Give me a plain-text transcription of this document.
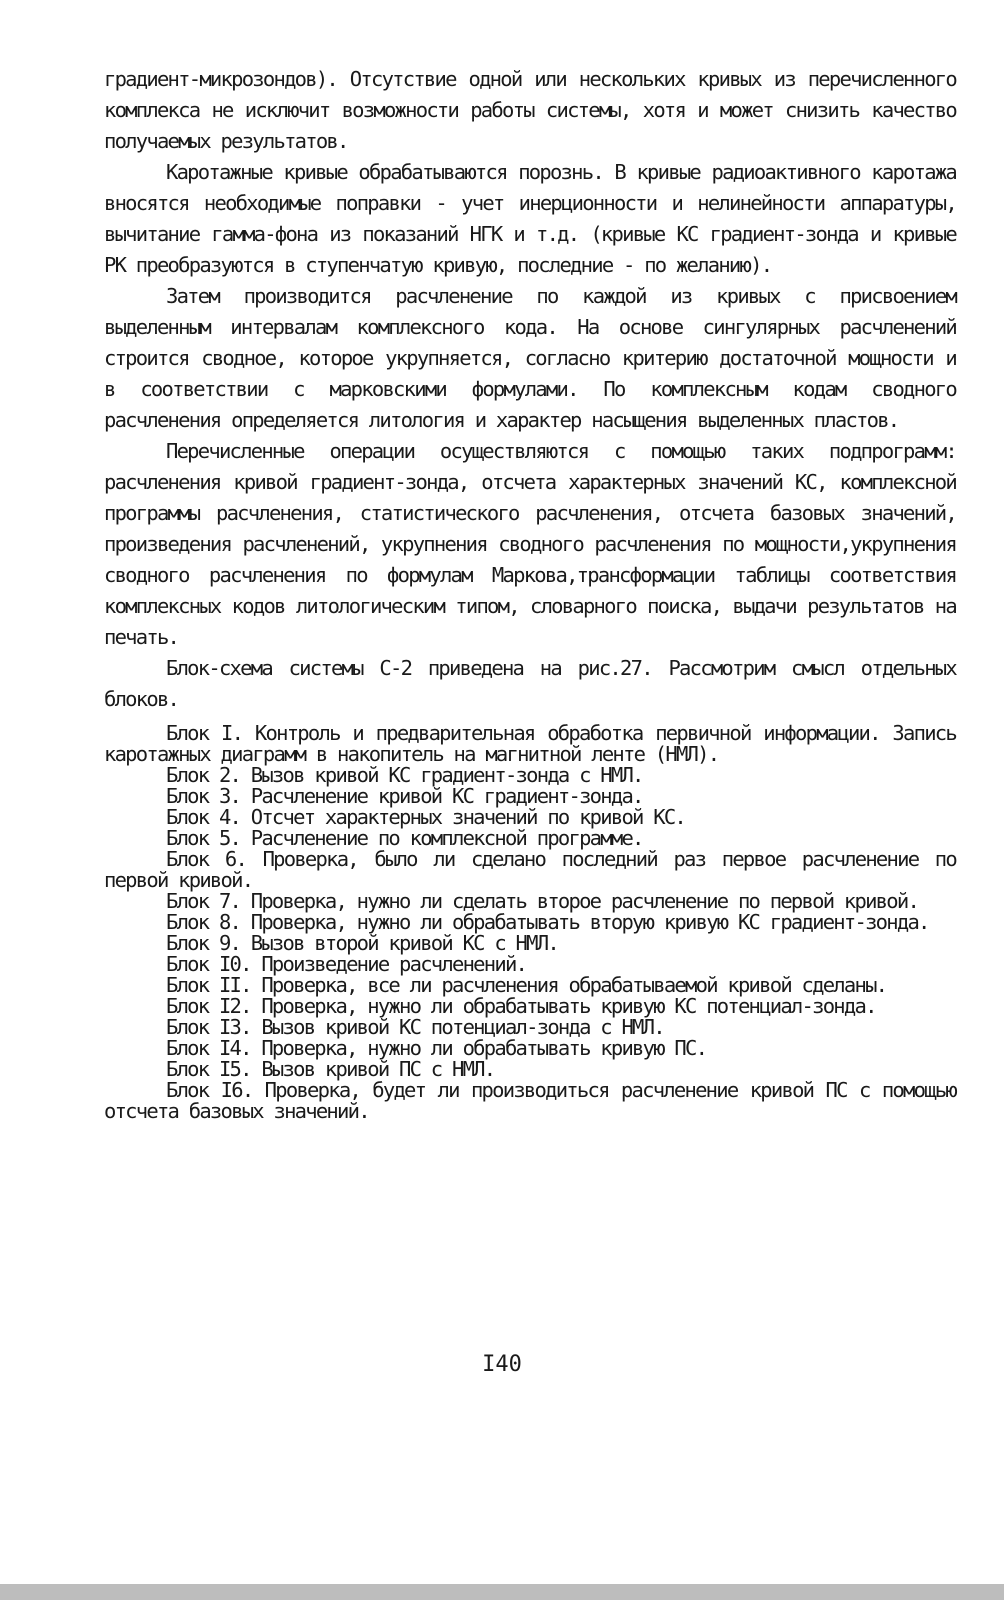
градиент-микрозондов). Отсутствие одной или нескольких кривых из перечисленного комплекса не исключит возможности работы системы, хотя и может снизить качество получаемых результатов.

Каротажные кривые обрабатываются порознь. В кривые радиоактивного каротажа вносятся необходимые поправки - учет инерционности и нелинейности аппаратуры, вычитание гамма-фона из показаний НГК и т.д. (кривые КС градиент-зонда и кривые РК преобразуются в ступенчатую кривую, последние - по желанию).

Затем производится расчленение по каждой из кривых с присвоением выделенным интервалам комплексного кода. На основе сингулярных расчленений строится сводное, которое укрупняется, согласно критерию достаточной мощности и в соответствии с марковскими формулами. По комплексным кодам сводного расчленения определяется литология и характер насыщения выделенных пластов.

Перечисленные операции осуществляются с помощью таких подпрограмм: расчленения кривой градиент-зонда, отсчета характерных значений КС, комплексной программы расчленения, статистического расчленения, отсчета базовых значений, произведения расчленений, укрупнения сводного расчленения по мощности,укрупнения сводного расчленения по формулам Маркова,трансформации таблицы соответствия комплексных кодов литологическим типом, словарного поиска, выдачи результатов на печать.

Блок-схема системы С-2 приведена на рис.27. Рассмотрим смысл отдельных блоков.

Блок I. Контроль и предварительная обработка первичной информации. Запись каротажных диаграмм в накопитель на магнитной ленте (НМЛ).

Блок 2. Вызов кривой КС градиент-зонда с НМЛ.

Блок 3. Расчленение кривой КС градиент-зонда.

Блок 4. Отсчет характерных значений по кривой КС.

Блок 5. Расчленение по комплексной программе.

Блок 6. Проверка, было ли сделано последний раз первое расчленение по первой кривой.

Блок 7. Проверка, нужно ли сделать второе расчленение по первой кривой.

Блок 8. Проверка, нужно ли обрабатывать вторую кривую КС градиент-зонда.

Блок 9. Вызов второй кривой КС с НМЛ.

Блок I0. Произведение расчленений.

Блок II. Проверка, все ли расчленения обрабатываемой кривой сделаны.

Блок I2. Проверка, нужно ли обрабатывать кривую КС потенциал-зонда.

Блок I3. Вызов кривой КС потенциал-зонда с НМЛ.

Блок I4. Проверка, нужно ли обрабатывать кривую ПС.

Блок I5. Вызов кривой ПС с НМЛ.

Блок I6. Проверка, будет ли производиться расчленение кривой ПС с помощью отсчета базовых значений.

I40
